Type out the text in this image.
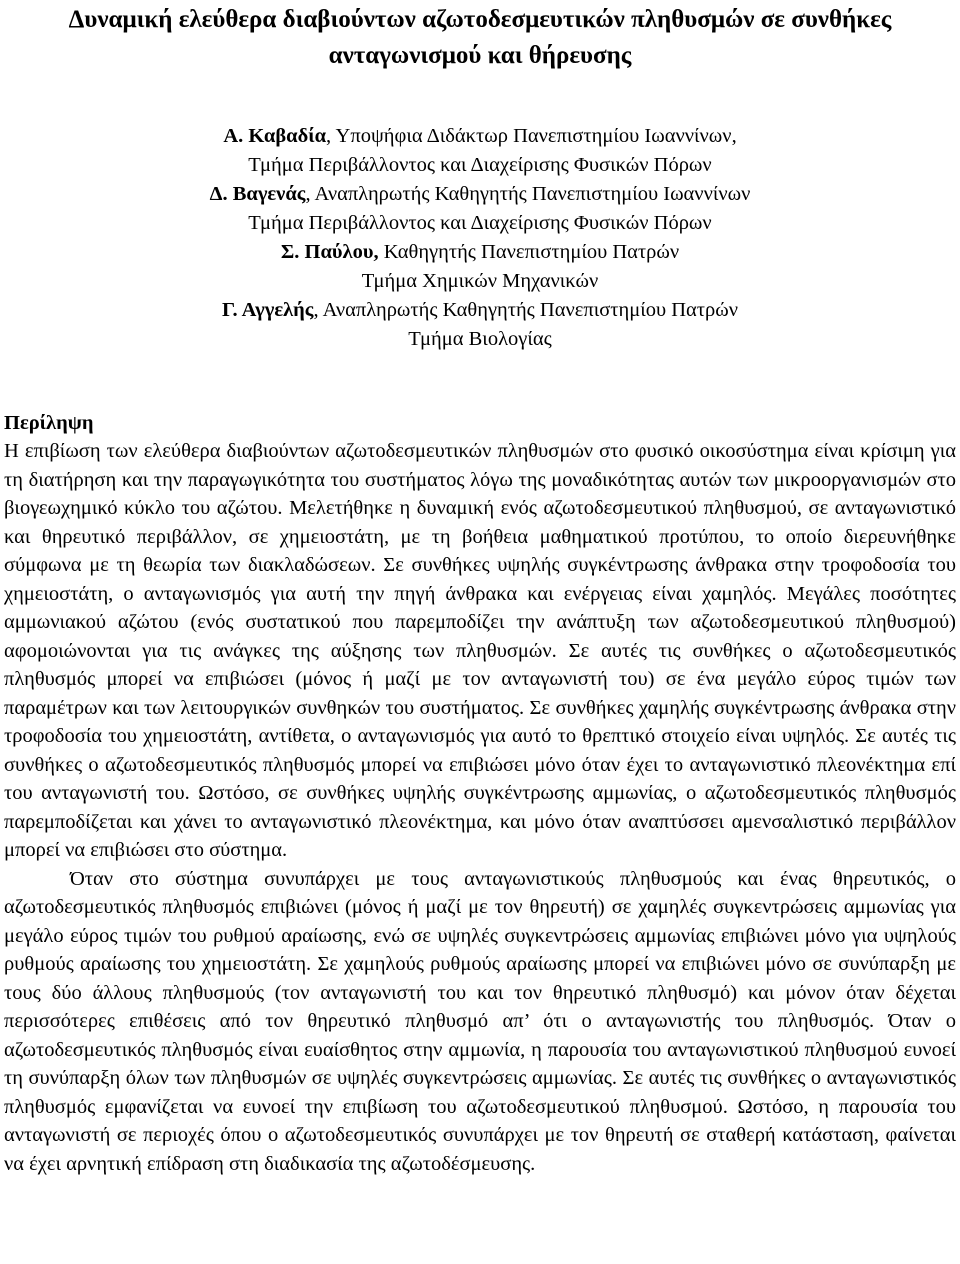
Δυναμική ελεύθερα διαβιούντων αζωτοδεσμευτικών πληθυσμών σε συνθήκες
ανταγωνισμού και θήρευσης
Α. Καβαδία, Υποψήφια Διδάκτωρ Πανεπιστημίου Ιωαννίνων,
Τμήμα Περιβάλλοντος και Διαχείρισης Φυσικών Πόρων
Δ. Βαγενάς, Αναπληρωτής Καθηγητής Πανεπιστημίου Ιωαννίνων
Τμήμα Περιβάλλοντος και Διαχείρισης Φυσικών Πόρων
Σ. Παύλου, Καθηγητής Πανεπιστημίου Πατρών
Τμήμα Χημικών Μηχανικών
Γ. Αγγελής, Αναπληρωτής Καθηγητής Πανεπιστημίου Πατρών
Τμήμα Βιολογίας
Περίληψη

Η επιβίωση των ελεύθερα διαβιούντων αζωτοδεσμευτικών πληθυσμών στο φυσικό οικοσύστημα είναι κρίσιμη για τη διατήρηση και την παραγωγικότητα του συστήματος λόγω της μοναδικότητας αυτών των μικροοργανισμών στο βιογεωχημικό κύκλο του αζώτου. Μελετήθηκε η δυναμική ενός αζωτοδεσμευτικού πληθυσμού, σε ανταγωνιστικό και θηρευτικό περιβάλλον, σε χημειοστάτη, με τη βοήθεια μαθηματικού προτύπου, το οποίο διερευνήθηκε σύμφωνα με τη θεωρία των διακλαδώσεων. Σε συνθήκες υψηλής συγκέντρωσης άνθρακα στην τροφοδοσία του χημειοστάτη, ο ανταγωνισμός για αυτή την πηγή άνθρακα και ενέργειας είναι χαμηλός. Μεγάλες ποσότητες αμμωνιακού αζώτου (ενός συστατικού που παρεμποδίζει την ανάπτυξη των αζωτοδεσμευτικού πληθυσμού) αφομοιώνονται για τις ανάγκες της αύξησης των πληθυσμών. Σε αυτές τις συνθήκες ο αζωτοδεσμευτικός πληθυσμός μπορεί να επιβιώσει (μόνος ή μαζί με τον ανταγωνιστή του) σε ένα μεγάλο εύρος τιμών των παραμέτρων και των λειτουργικών συνθηκών του συστήματος. Σε συνθήκες χαμηλής συγκέντρωσης άνθρακα στην τροφοδοσία του χημειοστάτη, αντίθετα, ο ανταγωνισμός για αυτό το θρεπτικό στοιχείο είναι υψηλός. Σε αυτές τις συνθήκες ο αζωτοδεσμευτικός πληθυσμός μπορεί να επιβιώσει μόνο όταν έχει το ανταγωνιστικό πλεονέκτημα επί του ανταγωνιστή του. Ωστόσο, σε συνθήκες υψηλής συγκέντρωσης αμμωνίας, ο αζωτοδεσμευτικός πληθυσμός παρεμποδίζεται και χάνει το ανταγωνιστικό πλεονέκτημα, και μόνο όταν αναπτύσσει αμενσαλιστικό περιβάλλον μπορεί να επιβιώσει στο σύστημα.

Όταν στο σύστημα συνυπάρχει με τους ανταγωνιστικούς πληθυσμούς και ένας θηρευτικός, ο αζωτοδεσμευτικός πληθυσμός επιβιώνει (μόνος ή μαζί με τον θηρευτή) σε χαμηλές συγκεντρώσεις αμμωνίας για μεγάλο εύρος τιμών του ρυθμού αραίωσης, ενώ σε υψηλές συγκεντρώσεις αμμωνίας επιβιώνει μόνο για υψηλούς ρυθμούς αραίωσης του χημειοστάτη. Σε χαμηλούς ρυθμούς αραίωσης μπορεί να επιβιώνει μόνο σε συνύπαρξη με τους δύο άλλους πληθυσμούς (τον ανταγωνιστή του και τον θηρευτικό πληθυσμό) και μόνον όταν δέχεται περισσότερες επιθέσεις από τον θηρευτικό πληθυσμό απ’ ότι ο ανταγωνιστής του πληθυσμός. Όταν ο αζωτοδεσμευτικός πληθυσμός είναι ευαίσθητος στην αμμωνία, η παρουσία του ανταγωνιστικού πληθυσμού ευνοεί τη συνύπαρξη όλων των πληθυσμών σε υψηλές συγκεντρώσεις αμμωνίας. Σε αυτές τις συνθήκες ο ανταγωνιστικός πληθυσμός εμφανίζεται να ευνοεί την επιβίωση του αζωτοδεσμευτικού πληθυσμού. Ωστόσο, η παρουσία του ανταγωνιστή σε περιοχές όπου ο αζωτοδεσμευτικός συνυπάρχει με τον θηρευτή σε σταθερή κατάσταση, φαίνεται να έχει αρνητική επίδραση στη διαδικασία της αζωτοδέσμευσης.
